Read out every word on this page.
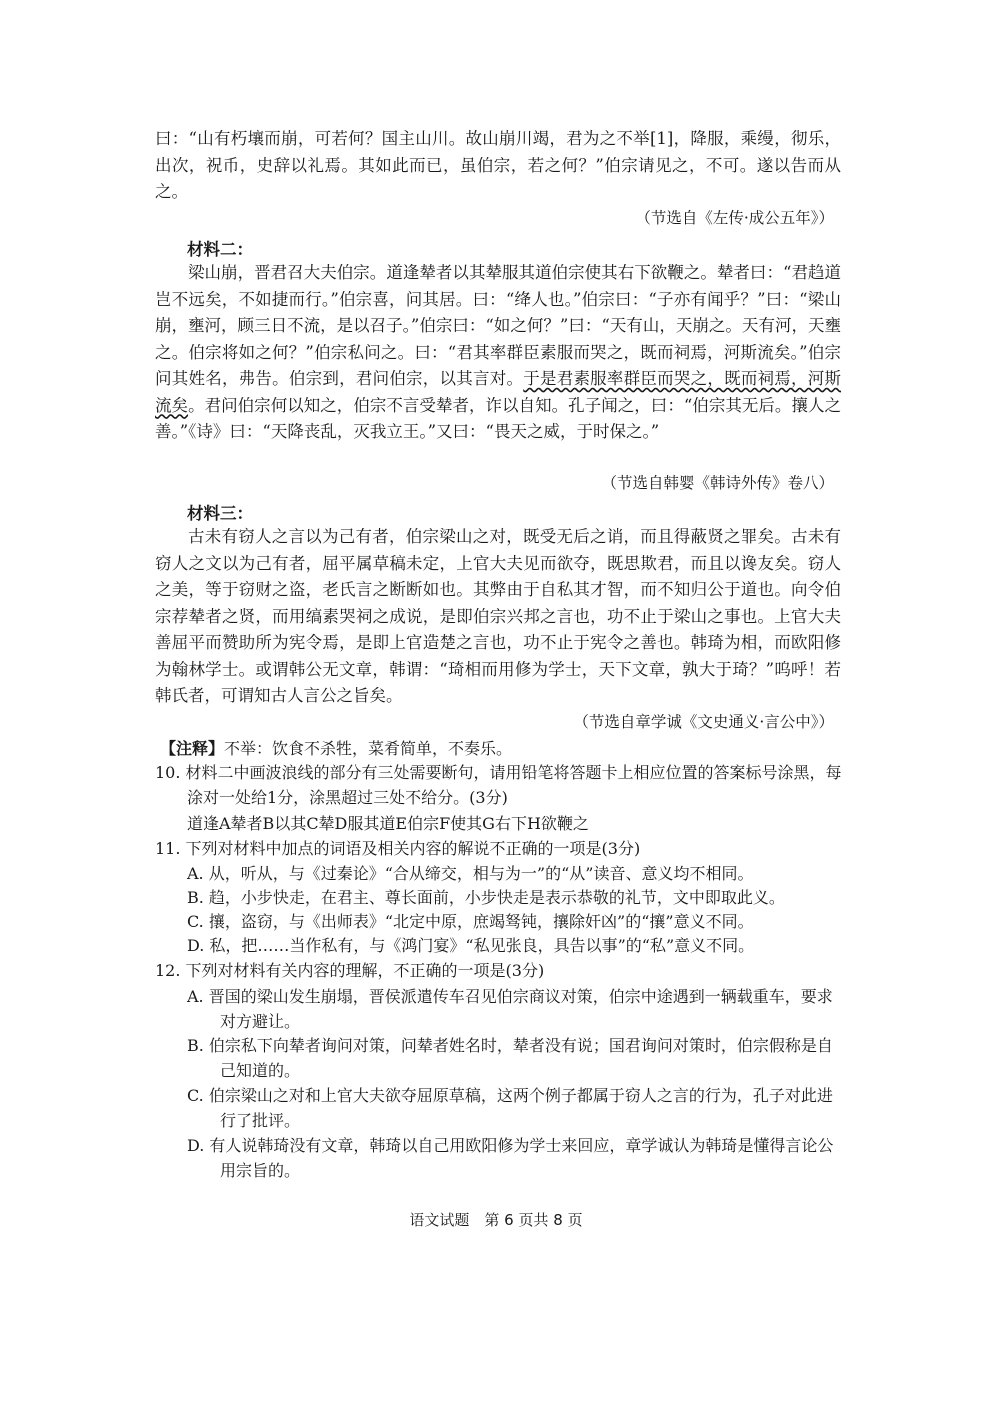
曰：“山有朽壤而崩，可若何？国主山川。故山崩川竭，君为之不举[1]，降服，乘缦，彻乐，出次，祝币，史辞以礼焉。其如此而已，虽伯宗，若之何？”伯宗请见之，不可。遂以告而从之。

（节选自《左传·成公五年》）
材料二：

梁山崩，晋君召大夫伯宗。道逢辇者以其辇服其道伯宗使其右下欲鞭之。辇者曰：“君趋道岂不远矣，不如捷而行。”伯宗喜，问其居。曰：“绛人也。”伯宗曰：“子亦有闻乎？”曰：“梁山崩，壅河，顾三日不流，是以召子。”伯宗曰：“如之何？”曰：“天有山，天崩之。天有河，天壅之。伯宗将如之何？”伯宗私问之。曰：“君其率群臣素服而哭之，既而祠焉，河斯流矣。”伯宗问其姓名，弗告。伯宗到，君问伯宗，以其言对。于是君素服率群臣而哭之，既而祠焉，河斯流矣。君问伯宗何以知之，伯宗不言受辇者，诈以自知。孔子闻之，曰：“伯宗其无后。攘人之善。”《诗》曰：“天降丧乱，灭我立王。”又曰：“畏天之威，于时保之。”

（节选自韩婴《韩诗外传》卷八）
材料三：

古未有窃人之言以为己有者，伯宗梁山之对，既受无后之诮，而且得蔽贤之罪矣。古未有窃人之文以为己有者，屈平属草稿未定，上官大夫见而欲夺，既思欺君，而且以谗友矣。窃人之美，等于窃财之盗，老氏言之断断如也。其弊由于自私其才智，而不知归公于道也。向令伯宗荐辇者之贤，而用缟素哭祠之成说，是即伯宗兴邦之言也，功不止于梁山之事也。上官大夫善屈平而赞助所为宪令焉，是即上官造楚之言也，功不止于宪令之善也。韩琦为相，而欧阳修为翰林学士。或谓韩公无文章，韩谓：“琦相而用修为学士，天下文章，孰大于琦？”呜呼！若韩氏者，可谓知古人言公之旨矣。

（节选自章学诚《文史通义·言公中》）
【注释】不举：饮食不杀牲，菜肴简单，不奏乐。
10. 材料二中画波浪线的部分有三处需要断句，请用铅笔将答题卡上相应位置的答案标号涂黑，每涂对一处给1分，涂黑超过三处不给分。(3分)
道逢A辇者B以其C辇D服其道E伯宗F使其G右下H欲鞭之
11. 下列对材料中加点的词语及相关内容的解说不正确的一项是(3分)
A. 从，听从，与《过秦论》“合从缔交，相与为一”的“从”读音、意义均不相同。
B. 趋，小步快走，在君主、尊长面前，小步快走是表示恭敬的礼节，文中即取此义。
C. 攘，盗窃，与《出师表》“北定中原，庶竭驽钝，攘除奸凶”的“攘”意义不同。
D. 私，把……当作私有，与《鸿门宴》“私见张良，具告以事”的“私”意义不同。
12. 下列对材料有关内容的理解，不正确的一项是(3分)
A. 晋国的梁山发生崩塌，晋侯派遣传车召见伯宗商议对策，伯宗中途遇到一辆载重车，要求对方避让。
B. 伯宗私下向辇者询问对策，问辇者姓名时，辇者没有说；国君询问对策时，伯宗假称是自己知道的。
C. 伯宗梁山之对和上官大夫欲夺屈原草稿，这两个例子都属于窃人之言的行为，孔子对此进行了批评。
D. 有人说韩琦没有文章，韩琦以自己用欧阳修为学士来回应，章学诚认为韩琦是懂得言论公用宗旨的。
语文试题　第 6 页共 8 页
